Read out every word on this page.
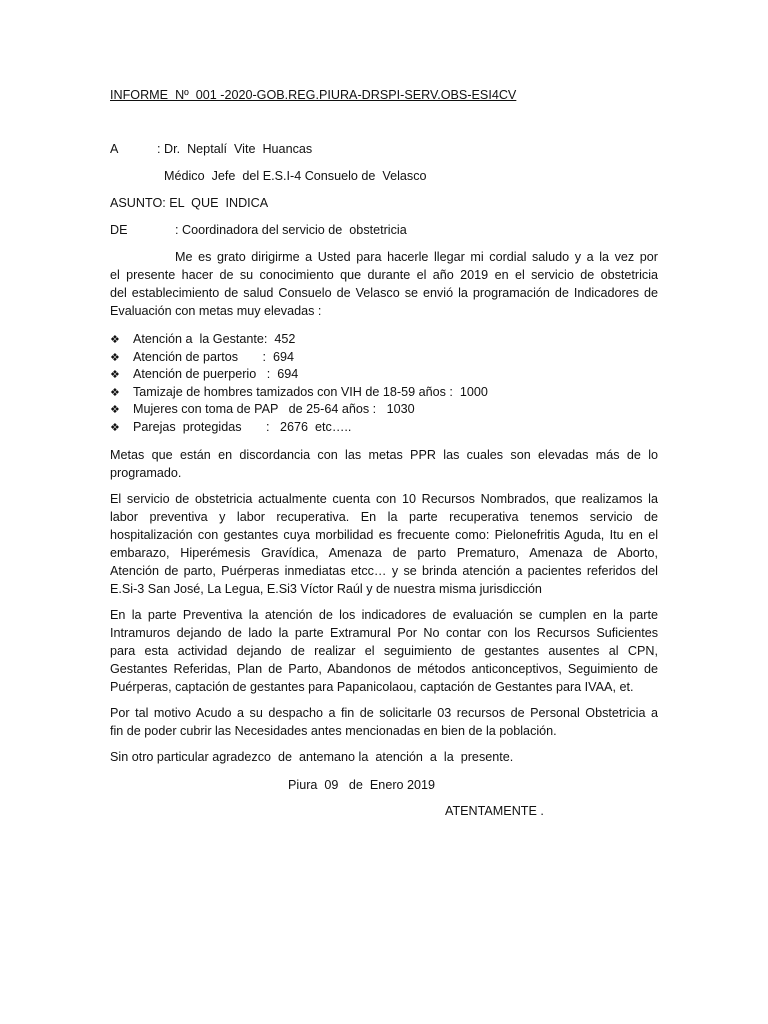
INFORME  Nº  001 -2020-GOB.REG.PIURA-DRSPI-SERV.OBS-ESI4CV
A	: Dr.  Neptalí  Vite  Huancas
Médico  Jefe  del E.S.I-4 Consuelo de  Velasco
ASUNTO: EL  QUE  INDICA
DE	: Coordinadora del servicio de  obstetricia
Me es grato dirigirme a Usted para hacerle llegar mi cordial saludo y a la vez por
el presente hacer de su conocimiento que durante el año 2019 en el servicio de obstetricia
del establecimiento de salud Consuelo de Velasco se envió la programación de Indicadores de
Evaluación con metas muy elevadas :
❖ Atención a  la Gestante:  452
❖ Atención de partos       :  694
❖ Atención de puerperio   :  694
❖ Tamizaje de hombres tamizados con VIH de 18-59 años :  1000
❖ Mujeres con toma de PAP   de 25-64 años :   1030
❖ Parejas  protegidas       :   2676  etc…..
Metas que están en discordancia con las metas PPR las cuales son elevadas más de lo
programado.
El servicio de obstetricia actualmente cuenta con 10 Recursos Nombrados, que realizamos la
labor preventiva y labor recuperativa. En la parte recuperativa tenemos servicio de
hospitalización con gestantes cuya morbilidad es frecuente como: Pielonefritis Aguda, Itu en el
embarazo, Hiperémesis Gravídica, Amenaza de parto Prematuro, Amenaza de Aborto,
Atención de parto, Puérperas inmediatas etcc… y se brinda atención a pacientes referidos del
E.Si-3 San José, La Legua, E.Si3 Víctor Raúl y de nuestra misma jurisdicción
En la parte Preventiva la atención de los indicadores de evaluación se cumplen en la parte
Intramuros dejando de lado la parte Extramural Por No contar con los Recursos Suficientes
para esta actividad dejando de realizar el seguimiento de gestantes ausentes al CPN,
Gestantes Referidas, Plan de Parto, Abandonos de métodos anticonceptivos, Seguimiento de
Puérperas, captación de gestantes para Papanicolaou, captación de Gestantes para IVAA, et.
Por tal motivo Acudo a su despacho a fin de solicitarle 03 recursos de Personal Obstetricia a
fin de poder cubrir las Necesidades antes mencionadas en bien de la población.
Sin otro particular agradezco  de  antemano la  atención  a  la  presente.
Piura  09   de  Enero 2019
ATENTAMENTE .
